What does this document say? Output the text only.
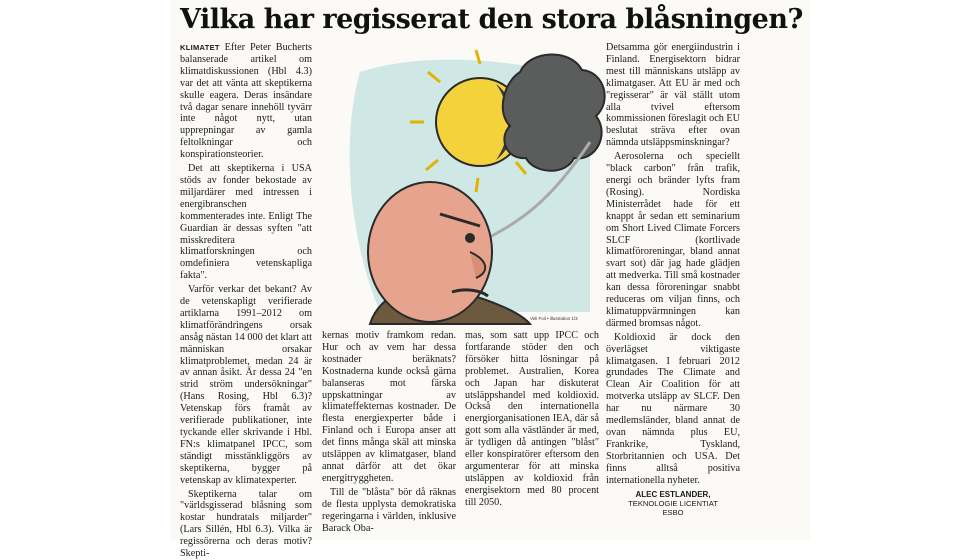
Vilka har regisserat den stora blåsningen?

KLIMATET Efter Peter Bucherts balanserade artikel om klimatdiskussionen (Hbl 4.3) var det att vänta att skeptikerna skulle eagera. Deras insändare två dagar senare innehöll tyvärr inte något nytt, utan upprepningar av gamla feltolkningar och konspirationsteorier.

Det att skeptikerna i USA stöds av fonder bekostade av miljardärer med intressen i energibranschen kommenterades inte. Enligt The Guardian är dessas syften "att misskreditera klimatforskningen och omdefiniera vetenskapliga fakta".

Varför verkar det bekant? Av de vetenskapligt verifierade artiklarna 1991–2012 om klimatförändringens orsak ansåg nästan 14 000 det klart att människan orsakar klimatproblemet, medan 24 är av annan åsikt. Är dessa 24 "en strid ström undersökningar" (Hans Rosing, Hbl 6.3)? Vetenskap förs framåt av verifierade publikationer, inte tyckande eller skrivande i Hbl. FN:s klimatpanel IPCC, som ständigt misstänkliggörs av skeptikerna, bygger på vetenskap av klimatexperter.

Skeptikerna talar om "världsgisserad blåsning som kostar hundratals miljarder" (Lars Sillén, Hbl 6.3). Vilka är regissörerna och deras motiv? Skepti-

Veli Foil • illustration 1/3

kernas motiv framkom redan. Hur och av vem har dessa kostnader beräknats? Kostnaderna kunde också gärna balanseras mot färska uppskattningar av klimateffekternas kostnader. De flesta energiexperter både i Finland och i Europa anser att det finns många skäl att minska utsläppen av klimatgaser, bland annat därför att det ökar energitryggheten.

Till de "blåsta" bör då räknas de flesta upplysta demokratiska regeringarna i världen, inklusive Barack Oba-

mas, som satt upp IPCC och fortfarande stöder den och försöker hitta lösningar på problemet. Australien, Korea och Japan har diskuterat utsläppshandel med koldioxid. Också den internationella energiorganisationen IEA, där så gott som alla västländer är med, är tydligen då antingen "blåst" eller konspiratörer eftersom den argumenterar för att minska utsläppen av koldioxid från energisektorn med 80 procent till 2050.

Detsamma gör energiindustrin i Finland. Energisektorn bidrar mest till människans utsläpp av klimatgaser. Att EU är med och "regisserar" är väl ställt utom alla tvivel eftersom kommissionen föreslagit och EU beslutat sträva efter ovan nämnda utsläppsminskningar?

Aerosolerna och speciellt "black carbon" från trafik, energi och bränder lyfts fram (Rosing). Nordiska Ministerrådet hade för ett knappt år sedan ett seminarium om Short Lived Climate Forcers SLCF (kortlivade klimatföroreningar, bland annat svart sot) där jag hade glädjen att medverka. Till små kostnader kan dessa föroreningar snabbt reduceras om viljan finns, och klimatuppvärmningen kan därmed bromsas något.

Koldioxid är dock den överlägset viktigaste klimatgasen. I februari 2012 grundades The Climate and Clean Air Coalition för att motverka utsläpp av SLCF. Den har nu närmare 30 medlemsländer, bland annat de ovan nämnda plus EU, Frankrike, Tyskland, Storbritannien och USA. Det finns alltså positiva internationella nyheter.

ALEC ESTLANDER,
TEKNOLOGIE LICENTIAT
ESBO
